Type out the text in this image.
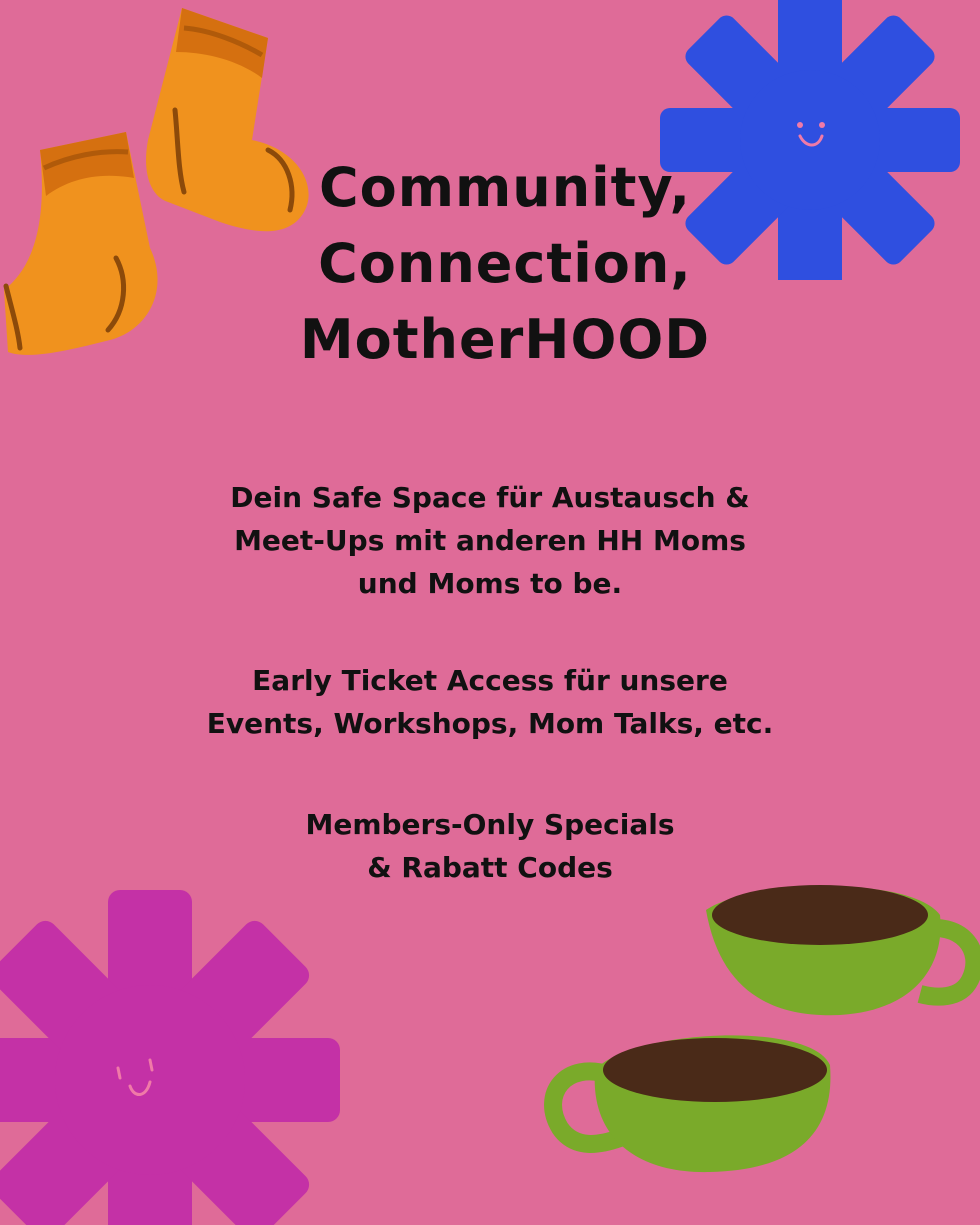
Community,
Connection,
MotherHOOD

Dein Safe Space für Austausch &
Meet-Ups mit anderen HH Moms
und Moms to be.

Early Ticket Access für unsere
Events, Workshops, Mom Talks, etc.

Members-Only Specials
& Rabatt Codes
